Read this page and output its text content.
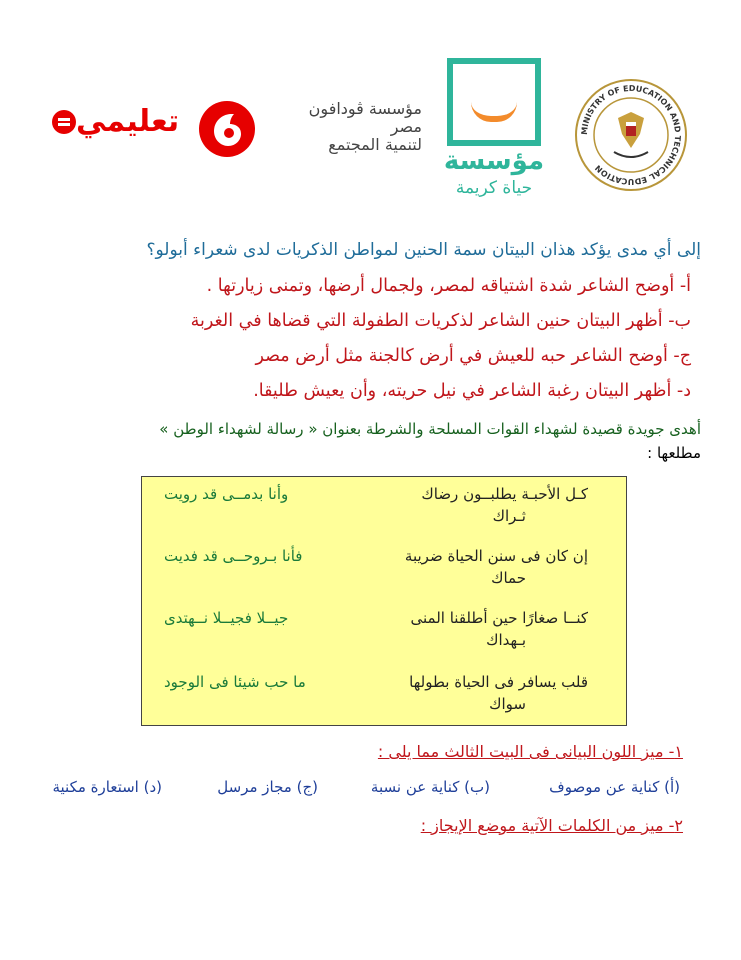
تعليمي	مؤسسة ڤودافون
مصر
لتنمية المجتمع
مؤسسة
حياة كريمة
MINISTRY OF EDUCATION AND TECHNICAL EDUCATION
إلى أي مدى يؤكد هذان البيتان سمة الحنين لمواطن الذكريات لدى شعراء أبولو؟
أ- أوضح الشاعر شدة اشتياقه لمصر، ولجمال أرضها، وتمنى زيارتها .
ب- أظهر البيتان حنين الشاعر لذكريات الطفولة التي قضاها في الغربة
ج- أوضح الشاعر حبه للعيش في أرض كالجنة مثل أرض مصر
د- أظهر البيتان رغبة الشاعر في نيل حريته، وأن يعيش طليقا.
أهدى جويدة قصيدة لشهداء القوات المسلحة والشرطة بعنوان « رسالة لشهداء الوطن »
مطلعها :
كـل الأحبـة يطلبــون رضاك
ثـراك
وأنا بدمــى قد رويت
إن كان فى سنن الحياة ضريبة
حماك
فأنا بـروحــى قد فديت
كنــا صغارًا حين أطلقنا المنى
بـهداك
جيــلا فجيــلا نــهتدى
قلب يسافر فى الحياة بطولها
سواك
ما حب شيئا فى الوجود
١- ميز اللون البيانى فى البيت الثالث مما يلى :
(أ) كناية عن موصوف
(ب) كناية عن نسبة
(ج) مجاز مرسل
(د) استعارة مكنية
٢- ميز من الكلمات الآتية موضع الإيجاز :
